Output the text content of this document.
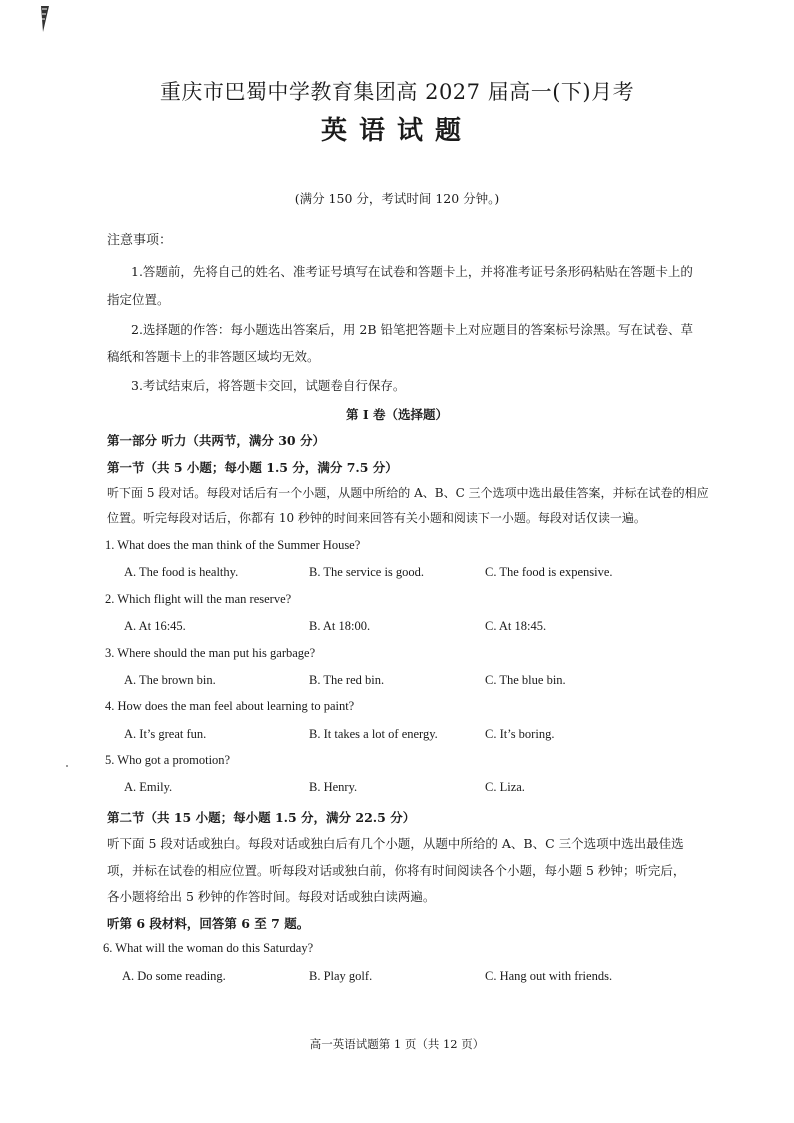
重庆市巴蜀中学教育集团高 2027 届高一(下)月考
英语试题
(满分 150 分，考试时间 120 分钟。)
注意事项：
1.答题前，先将自己的姓名、准考证号填写在试卷和答题卡上，并将准考证号条形码粘贴在答题卡上的
指定位置。
2.选择题的作答：每小题选出答案后，用 2B 铅笔把答题卡上对应题目的答案标号涂黑。写在试卷、草
稿纸和答题卡上的非答题区域均无效。
3.考试结束后，将答题卡交回，试题卷自行保存。
第 I 卷（选择题）
第一部分 听力（共两节，满分 30 分）
第一节（共 5 小题；每小题 1.5 分，满分 7.5 分）
听下面 5 段对话。每段对话后有一个小题，从题中所给的 A、B、C 三个选项中选出最佳答案，并标在试卷的相应
位置。听完每段对话后，你都有 10 秒钟的时间来回答有关小题和阅读下一小题。每段对话仅读一遍。
1. What does the man think of the Summer House?
A. The food is healthy.	B. The service is good.	C. The food is expensive.
2. Which flight will the man reserve?
A. At 16:45.	B. At 18:00.	C. At 18:45.
3. Where should the man put his garbage?
A. The brown bin.	B. The red bin.	C. The blue bin.
4. How does the man feel about learning to paint?
A. It’s great fun.	B. It takes a lot of energy.	C. It’s boring.
5. Who got a promotion?
A. Emily.	B. Henry.	C. Liza.
第二节（共 15 小题；每小题 1.5 分，满分 22.5 分）
听下面 5 段对话或独白。每段对话或独白后有几个小题，从题中所给的 A、B、C 三个选项中选出最佳选
项，并标在试卷的相应位置。听每段对话或独白前，你将有时间阅读各个小题，每小题 5 秒钟；听完后，
各小题将给出 5 秒钟的作答时间。每段对话或独白读两遍。
听第 6 段材料，回答第 6 至 7 题。
6. What will the woman do this Saturday?
A. Do some reading.	B. Play golf.	C. Hang out with friends.
高一英语试题第 1 页（共 12 页）
